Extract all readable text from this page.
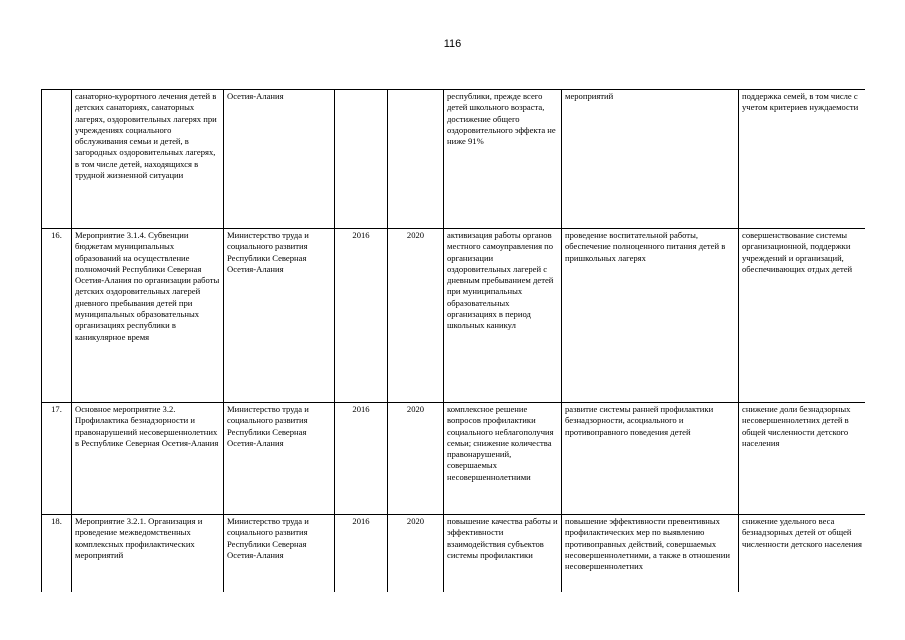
116
	санаторно-курортного лечения детей в детских санаториях, санаторных лагерях, оздоровительных лагерях при учреждениях социального обслуживания семьи и детей, в загородных оздоровительных лагерях, в том числе детей, находящихся в трудной жизненной ситуации	Осетия-Алания			республики, прежде всего детей школьного возраста, достижение общего оздоровительного эффекта не ниже 91%	мероприятий	поддержка семей, в том числе с учетом критериев нуждаемости
16.	Мероприятие 3.1.4. Субвенции бюджетам муниципальных образований на осуществление полномочий Республики Северная Осетия-Алания по организации работы детских оздоровительных лагерей дневного пребывания детей при муниципальных образовательных организациях республики в каникулярное время	Министерство труда и социального развития Республики Северная Осетия-Алания	2016	2020	активизация работы органов местного самоуправления по организации оздоровительных лагерей с дневным пребыванием детей при муниципальных образовательных организациях в период школьных каникул	проведение воспитательной работы, обеспечение полноценного питания детей в пришкольных лагерях	совершенствование системы организационной, поддержки учреждений и организаций, обеспечивающих отдых детей
17.	Основное мероприятие 3.2. Профилактика безнадзорности и правонарушений несовершеннолетних в Республике Северная Осетия-Алания	Министерство труда и социального развития Республики Северная Осетия-Алания	2016	2020	комплексное решение вопросов профилактики социального неблагополучия семьи; снижение количества правонарушений, совершаемых несовершеннолетними	развитие системы ранней профилактики безнадзорности, асоциального и противоправного поведения детей	снижение доли безнадзорных несовершеннолетних детей в общей численности детского населения
18.	Мероприятие 3.2.1. Организация и проведение межведомственных комплексных профилактических мероприятий	Министерство труда и социального развития Республики Северная Осетия-Алания	2016	2020	повышение качества работы и эффективности взаимодействия субъектов системы профилактики	повышение эффективности превентивных профилактических мер по выявлению противоправных действий, совершаемых несовершеннолетними, а также в отношении несовершеннолетних	снижение удельного веса безнадзорных детей от общей численности детского населения
